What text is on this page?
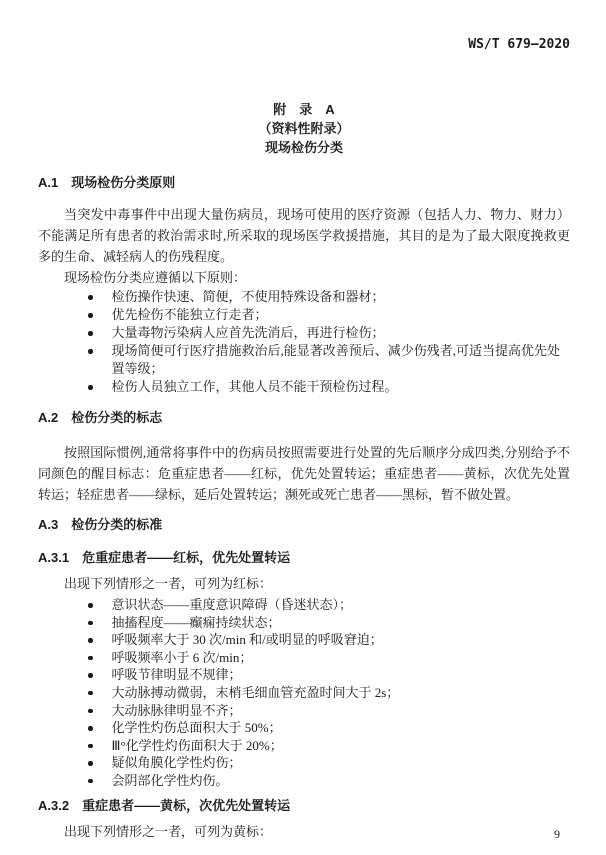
WS/T 679—2020
附　录　A
（资料性附录）
现场检伤分类
A.1 现场检伤分类原则

当突发中毒事件中出现大量伤病员，现场可使用的医疗资源（包括人力、物力、财力）不能满足所有患者的救治需求时,所采取的现场医学救援措施，其目的是为了最大限度挽救更多的生命、减轻病人的伤残程度。

现场检伤分类应遵循以下原则：

检伤操作快速、简便，不使用特殊设备和器材；
优先检伤不能独立行走者；
大量毒物污染病人应首先洗消后，再进行检伤；
现场简便可行医疗措施救治后,能显著改善预后、减少伤残者,可适当提高优先处置等级；
检伤人员独立工作，其他人员不能干预检伤过程。
A.2 检伤分类的标志

按照国际惯例,通常将事件中的伤病员按照需要进行处置的先后顺序分成四类,分别给予不同颜色的醒目标志：危重症患者——红标，优先处置转运；重症患者——黄标，次优先处置转运；轻症患者——绿标，延后处置转运；濒死或死亡患者——黑标，暂不做处置。

A.3 检伤分类的标准
A.3.1 危重症患者——红标，优先处置转运

出现下列情形之一者，可列为红标：

意识状态——重度意识障碍（昏迷状态）；
抽搐程度——癫痫持续状态；
呼吸频率大于 30 次/min 和/或明显的呼吸窘迫；
呼吸频率小于 6 次/min；
呼吸节律明显不规律；
大动脉搏动微弱，末梢毛细血管充盈时间大于 2s；
大动脉脉律明显不齐；
化学性灼伤总面积大于 50%；
Ⅲ°化学性灼伤面积大于 20%；
疑似角膜化学性灼伤；
会阴部化学性灼伤。
A.3.2 重症患者——黄标，次优先处置转运

出现下列情形之一者，可列为黄标：	9
